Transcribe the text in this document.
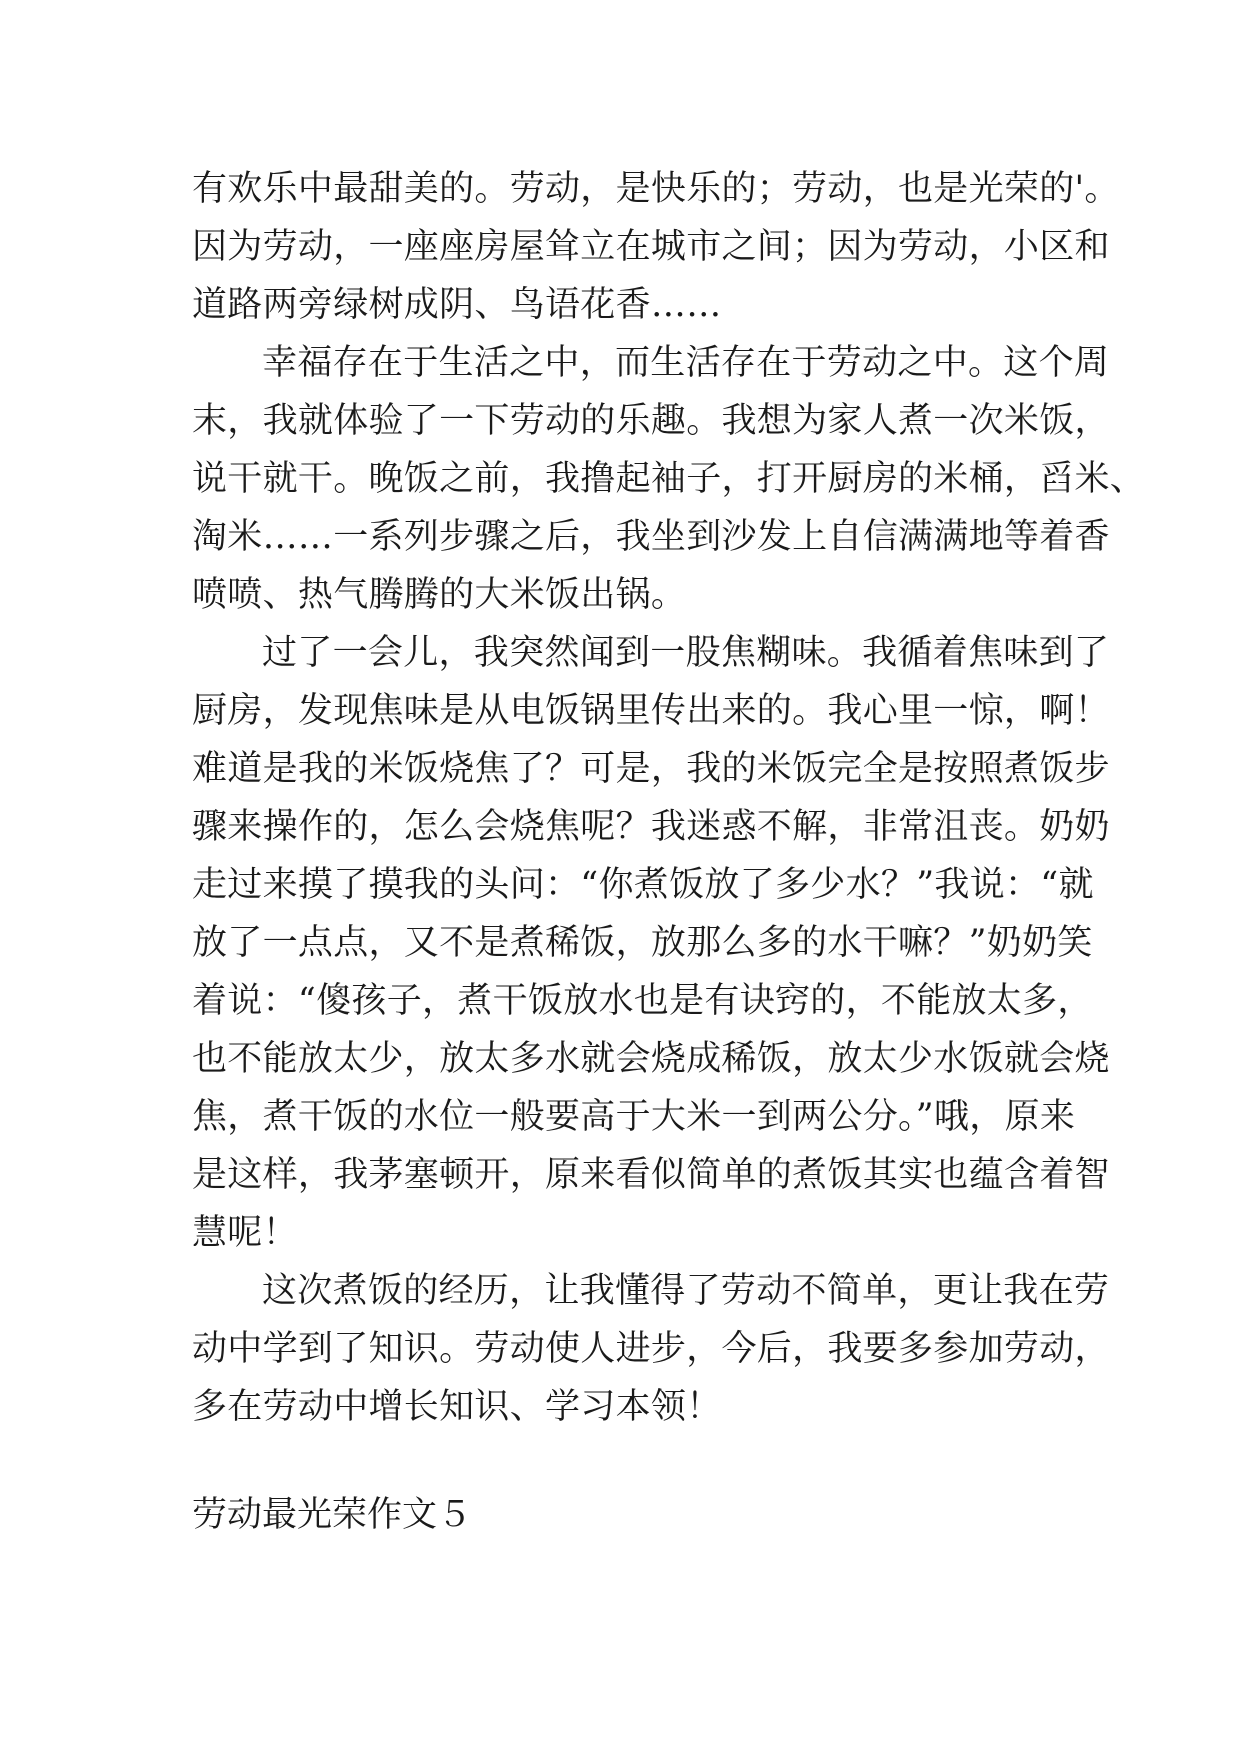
有欢乐中最甜美的。劳动，是快乐的；劳动，也是光荣的'。
因为劳动，一座座房屋耸立在城市之间；因为劳动，小区和
道路两旁绿树成阴、鸟语花香……
幸福存在于生活之中，而生活存在于劳动之中。这个周
末，我就体验了一下劳动的乐趣。我想为家人煮一次米饭，
说干就干。晚饭之前，我撸起袖子，打开厨房的米桶，舀米、
淘米……一系列步骤之后，我坐到沙发上自信满满地等着香
喷喷、热气腾腾的大米饭出锅。
过了一会儿，我突然闻到一股焦糊味。我循着焦味到了
厨房，发现焦味是从电饭锅里传出来的。我心里一惊，啊！
难道是我的米饭烧焦了？可是，我的米饭完全是按照煮饭步
骤来操作的，怎么会烧焦呢？我迷惑不解，非常沮丧。奶奶
走过来摸了摸我的头问：“你煮饭放了多少水？”我说：“就
放了一点点，又不是煮稀饭，放那么多的水干嘛？”奶奶笑
着说：“傻孩子，煮干饭放水也是有诀窍的，不能放太多，
也不能放太少，放太多水就会烧成稀饭，放太少水饭就会烧
焦，煮干饭的水位一般要高于大米一到两公分。”哦，原来
是这样，我茅塞顿开，原来看似简单的煮饭其实也蕴含着智
慧呢！
这次煮饭的经历，让我懂得了劳动不简单，更让我在劳
动中学到了知识。劳动使人进步，今后，我要多参加劳动，
多在劳动中增长知识、学习本领！
劳动最光荣作文５
